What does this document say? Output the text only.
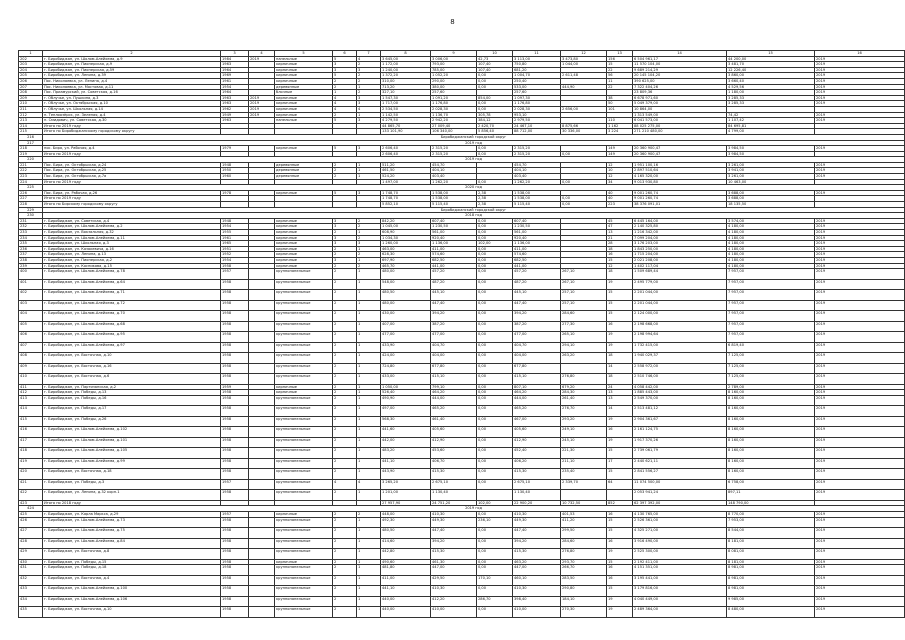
8
1	2	3	4	5	6	7	8	9	10	11	12	13	14	15	16
202	г. Биробиджан, ул. Шолом-Алейхема, д.9	1984	2019	панельные	5	4	3 645,00	3 006,00	42,73	3 113,00	3 473,80	156	6 504 961,17	44 200,00	2019
203	г. Биробиджан, ул. Пионерская, д.9	1963		кирпичные	3	2	1 172,00	793,00	107,40	750,80	1 044,00	15	11 570 104,00	3 481,70	2019
204	г. Биробиджан, ул. Пионерская, д.59	1964		кирпичные	3	3	1 240,00	785,00	107,40	681,20		22	9 689 214,29	12 226,40	2019
205	г. Биробиджан, ул. Ленина, д.39	1969		кирпичные	5	2	1 372,20	1 052,20	0,00	1 004,70	2 611,48	56	20 145 104,20	3 860,00	2019
206	Пос. Николаевка, ул. Ленина, д.4	1961		кирпичные	2	2	310,00	290,00	0,00	250,40		11	390 625,00	3 660,40	2019
207	Пос. Николаевка, ул. Мостовая, д.11	1954		деревянные	2	1	713,20	380,00	0,00	533,00	444,90	22	7 322 404,26	4 529,56	2019
208	Пос. Приамурский, ул. Советская, д.16	1964		блочные	1	2	327,10	257,60		257,60			23 809,36	1 180,00	2019
209	г. Облучье, ул. Пушкина, д.3	1963	2019	кирпичные	4	3	1 547,30	1 091,20	854,00	1 097,30		38	6 678 971,60	3 285,33	2019
210	г. Облучье, ул. Октябрьская, д.10	1963	2019	кирпичные	4	3	1 717,00	1 176,80	0,00	1 176,80		50	5 049 379,00	3 285,33	2019
211	г. Облучье, ул. Школьная, д.14	1962	2019	кирпичные	4	4	2 534,50	2 028,30	0,00	2 028,30	2 656,00	101	10 864,00		
212	п. Теплоозёрск, ул. Зеленая, д.4	1949	2019	кирпичные	2	1	1 142,50	1 136,70	305,78	953,10			1 313 549,00	74,42	2019
213	п. Смидович, ул. Советская, д.30	1963		панельные	5	3	4 279,50	2 942,20	384,12	2 979,50		110	6 041 573,00	1 107,42	2019
214	Итого по 2019 году						44 865,70	27 009,40	2 420,70	24 467,10	8 875,66	1 162	88 025 275,00	84 695,81	
215	Итого по Биробиджанскому городскому округу						133 101,90	106 340,00	5 856,40	88 712,00	30 336,00	3 224	271 210 480,00	4 799,00	
216	Биробиджанский городской округ														
217	2019 год														
218	пос. Бира, ул. Рабочая, д.4	1979		кирпичные	5	3	2 606,40	2 315,20	0,00	2 315,20		149	20 360 900,47	3 984,50	2019
219	Итого по 2019 году						2 606,40	2 315,20	0,00	2 315,20	0,00	149	20 360 900,47	3 984,50	
220	2019 год														
221	Пос. Бира, ул. Октябрьская, д.24	1948		деревянные	2	1	511,20	454,70		454,70		12	1 951 100,16	3 261,00	2019
222	Пос. Бира, ул. Октябрьская, д.25	1950		деревянные	2	1	461,50	404,10		404,10		10	2 897 510,64	3 941,00	2019
223	Пос. Бира, ул. Октябрьская, д.7а	1960		деревянные	2	1	524,20	403,40		403,40		12	4 165 320,00	3 261,00	2019
224	Итого по 2019 году						1 497,00	1 262,20	0,00	1 262,20	0,00	34	9 013 930,80	10 463,00	
225	2020 год														
226	Пос. Бира, ул. Рабочая, д.26	1978		кирпичные	5	3	1 748,70	1 538,00	2,38	1 538,00		40	9 001 260,74	3 688,00	2019
227	Итого по 2019 году						1 748,70	1 538,00	2,38	1 538,00	0,00	40	9 001 260,74	3 688,00	
228	Итого по Бирскому городскому округу						5 852,10	5 115,40	2,38	5 115,40	0,00	223	38 376 091,01	18 135,50	
229	Биробиджанский городской округ														
230	2018 год														
231	г. Биробиджан, ул. Советская, д.4	1948		кирпичные	3	2	842,20	607,40	0,00	607,40		45	6 445 164,00	3 574,00	2019
232	г. Биробиджан, ул. Шолом-Алейхема, д.2	1954		кирпичные	3	2	1 045,00	1 230,50	0,00	1 230,50		47	2 140 325,80	4 180,00	2019
233	г. Биробиджан, ул. Вокзальная, д.32	1955		кирпичные	2	1	608,90	561,00	0,00	561,00		13	1 216 342,00	4 180,00	2019
234	г. Биробиджан, ул. Шолом-Алейхема, д.11	1961		кирпичные	3	2	1 034,30	920,40	0,00	920,40		21	7 099 204,00	4 180,00	2019
235	г. Биробиджан, ул. Школьная, д.3	1965		кирпичные	3	3	1 260,00	1 136,00	102,00	1 136,00		28	3 176 203,00	4 180,00	2019
236	г. Биробиджан, ул. Казакевича, д.16	1951		кирпичные	2	1	463,00	411,00	0,00	411,00		18	1 843 250,00	4 180,00	2019
237	г. Биробиджан, ул. Ленина, д.13	1952		кирпичные	2	2	628,30	574,60	0,00	574,60		16	1 715 204,00	4 180,00	2019
238	г. Биробиджан, ул. Пионерская, д.2	1954		кирпичные	3	1	697,90	682,50	0,00	682,50		15	2 021 208,00	4 180,00	2019
239	г. Биробиджан, ул. Косникова, д.15	1958		кирпичные	2	2	465,70	441,00	0,00	441,00		12	1 402 117,04	4 180,00	2019
400	г. Биробиджан, ул. Шолом-Алейхема, д.78	1957		крупнопанельные	2	1	480,00	457,20	0,00	457,20	267,10	18	1 509 689,44	7 957,00	2019
401	г. Биробиджан, ул. Шолом-Алейхема, д.64	1958		крупнопанельные	2	1	548,00	487,20	0,00	487,20	267,10	19	2 495 779,00	7 957,00	2019
402	г. Биробиджан, ул. Шолом-Алейхема, д.71	1958		крупнопанельные	2	1	480,50	445,10	0,00	445,10	257,10	15	2 201 044,00	7 957,00	2019
403	г. Биробиджан, ул. Шолом-Алейхема, д.72	1958		крупнопанельные	2	1	480,00	447,40	0,00	447,40	257,10	15	2 201 044,00	7 957,00	2019
404	г. Биробиджан, ул. Шолом-Алейхема, д.70	1958		крупнопанельные	2	1	430,00	394,20	0,00	394,20	284,60	15	2 124 000,00	7 957,00	2019
405	г. Биробиджан, ул. Шолом-Алейхема, д.68	1958		крупнопанельные	2	1	407,00	387,20	0,00	387,20	277,30	16	2 198 668,00	7 957,00	2019
406	г. Биробиджан, ул. Шолом-Алейхема, д.95	1958		крупнопанельные	2	1	477,00	477,00	0,00	477,00	265,10	19	2 198 994,64	7 957,00	2019
407	г. Биробиджан, ул. Шолом-Алейхема, д.97	1958		крупнопанельные	2	1	433,90	404,70	0,00	404,70	294,10	19	1 732 415,00	6 819,40	2019
408	г. Биробиджан, ул. Восточная, д.10	1958		крупнопанельные	2	1	424,00	404,00	0,00	404,00	263,20	18	1 940 029,37	7 125,00	2019
409	г. Биробиджан, ул. Восточная, д.16	1958		крупнопанельные	2	1	724,80	677,80	0,00	677,80		14	2 558 972,00	7 125,00	2019
410	г. Биробиджан, ул. Восточная, д.6	1958		крупнопанельные	2	1	433,00	415,10	0,00	415,10	276,80	18	2 510 746,00	7 125,00	2019
411	г. Биробиджан, ул. Партизанская, д.2	1959		кирпичные	2	1	1 050,00	799,10	0,00	807,10	679,20	24	4 058 442,00	2 789,00	2019
412	г. Биробиджан, ул. Победы, д.13	1958		кирпичные	2	1	526,40	464,20	0,00	464,20	284,30	13	1 885 443,00	8 160,00	2019
413	г. Биробиджан, ул. Победы, д.16	1958		крупнопанельные	2	1	490,90	444,00	0,00	444,00	261,40	13	2 549 370,00	8 160,00	2019
414	г. Биробиджан, ул. Победы, д.17	1958		крупнопанельные	2	1	497,00	465,20	0,00	465,20	276,70	14	2 513 481,12	8 160,00	2019
415	г. Биробиджан, ул. Победы, д.26	1958		крупнопанельные	2	1	568,30	461,40	0,00	467,00	293,20	19	2 904 361,67	8 160,00	2019
416	г. Биробиджан, ул. Шолом-Алейхема, д.102	1958		крупнопанельные	2	1	441,60	405,60	0,00	405,60	249,10	16	2 161 124,75	8 160,00	2019
417	г. Биробиджан, ул. Шолом-Алейхема, д.101	1958		крупнопанельные	2	1	442,00	412,90	0,00	412,90	245,10	19	1 917 370,26	8 160,00	2019
418	г. Биробиджан, ул. Шолом-Алейхема, д.105	1958		крупнопанельные	2	1	483,20	453,60	0,00	452,40	221,30	15	2 739 061,79	8 160,00	2019
419	г. Биробиджан, ул. Шолом-Алейхема, д.99	1958		крупнопанельные	2	1	441,10	406,70	0,00	406,20	211,10	17	2 440 621,11	8 160,00	2019
420	г. Биробиджан, ул. Восточная, д.18	1958		крупнопанельные	2	1	443,90	415,30	0,00	415,30	235,40	15	2 841 556,27	8 160,00	2019
421	г. Биробиджан, ул. Победы, д.3	1957		крупнопанельные	4	4	3 265,20	2 675,10	0,00	2 675,10	2 339,70	64	11 074 500,00	6 758,00	2019
422	г. Биробиджан, ул. Ленина, д.32 корп.1	1958		крупнопанельные	2	1	1 201,00	1 130,40		1 130,40			2 053 941,24	897,11	2019
423	Итого по 2018 году						27 957,90	24 751,20	102,00	22 900,20	10 732,50	852	62 397 392,00	148 790,00	
424	2019 год														
425	г. Биробиджан, ул. Карла Маркса, д.29	1957		кирпичные	2	2	448,00	410,30	0,00	410,30	401,53	16	4 130 765,00	8 770,00	2019
426	г. Биробиджан, ул. Шолом-Алейхема, д.73	1958		крупнопанельные	2	1	492,30	449,30	236,10	449,30	411,20	15	2 526 361,00	7 953,00	2019
427	г. Биробиджан, ул. Шолом-Алейхема, д.75	1958		крупнопанельные	2	1	480,50	447,40	0,00	447,40	299,50	15	4 325 271,00	8 544,00	2019
428	г. Биробиджан, ул. Шолом-Алейхема, д.84	1958		крупнопанельные	2	1	414,60	394,20	0,00	394,20	284,60	16	3 916 490,00	8 181,00	2019
429	г. Биробиджан, ул. Восточная, д.8	1958		крупнопанельные	2	1	442,80	415,30	0,00	415,30	276,80	19	2 525 300,00	8 081,00	2019
430	г. Биробиджан, ул. Победы, д.15	1958		кирпичные	2	1	490,60	461,30	0,00	463,20	293,70	15	2 192 411,00	8 181,00	2019
431	г. Биробиджан, ул. Победы, д.18	1958		крупнопанельные	2	1	481,80	447,00	0,00	447,00	266,70	16	4 151 351,00	8 981,00	2019
432	г. Биробиджан, ул. Восточная, д.4	1958		крупнопанельные	2	1	411,00	429,50	170,10	460,10	283,50	16	3 195 441,00	8 981,00	2019
433	г. Биробиджан, ул. Шолом-Алейхема, д.100	1958		крупнопанельные	2	1	441,10	410,30	0,00	410,30	290,80	15	3 179 816,00	8 981,00	2019
434	г. Биробиджан, ул. Шолом-Алейхема, д.106	1958		крупнопанельные	2	1	440,00	412,20	286,70	398,40	184,10	19	4 040 449,00	9 985,00	2019
435	г. Биробиджан, ул. Восточная, д.10	1958		крупнопанельные	2	1	440,00	410,00	0,00	410,00	270,30	19	2 489 364,00	8 480,00	2019
